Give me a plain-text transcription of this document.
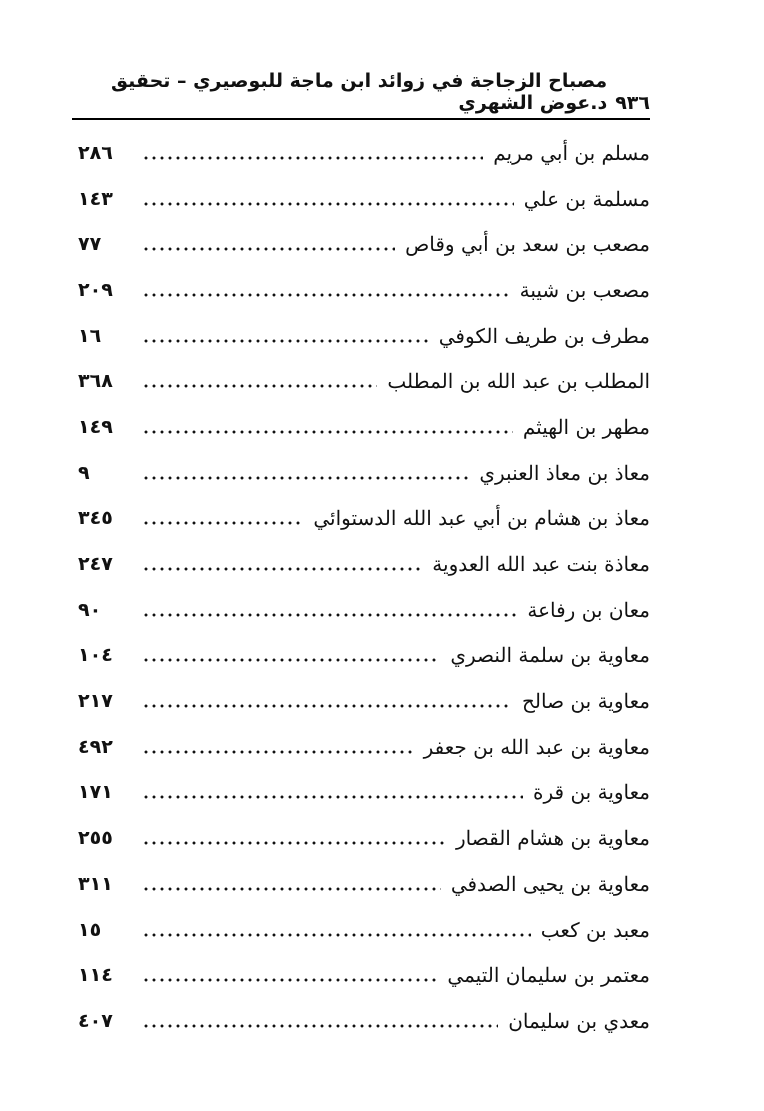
٩٣٦
مصباح الزجاجة في زوائد ابن ماجة للبوصيري – تحقيق د.عوض الشهري
مسلم بن أبي مريم
٢٨٦
مسلمة بن علي
١٤٣
مصعب بن سعد بن أبي وقاص
٧٧
مصعب بن شيبة
٢٠٩
مطرف بن طريف الكوفي
١٦
المطلب بن عبد الله بن المطلب
٣٦٨
مطهر بن الهيثم
١٤٩
معاذ بن معاذ العنبري
٩
معاذ بن هشام بن أبي عبد الله الدستوائي
٣٤٥
معاذة بنت عبد الله العدوية
٢٤٧
معان بن رفاعة
٩٠
معاوية بن سلمة النصري
١٠٤
معاوية بن صالح
٢١٧
معاوية بن عبد الله بن جعفر
٤٩٢
معاوية بن قرة
١٧١
معاوية بن هشام القصار
٢٥٥
معاوية بن يحيى الصدفي
٣١١
معبد بن كعب
١٥
معتمر بن سليمان التيمي
١١٤
معدي بن سليمان
٤٠٧
